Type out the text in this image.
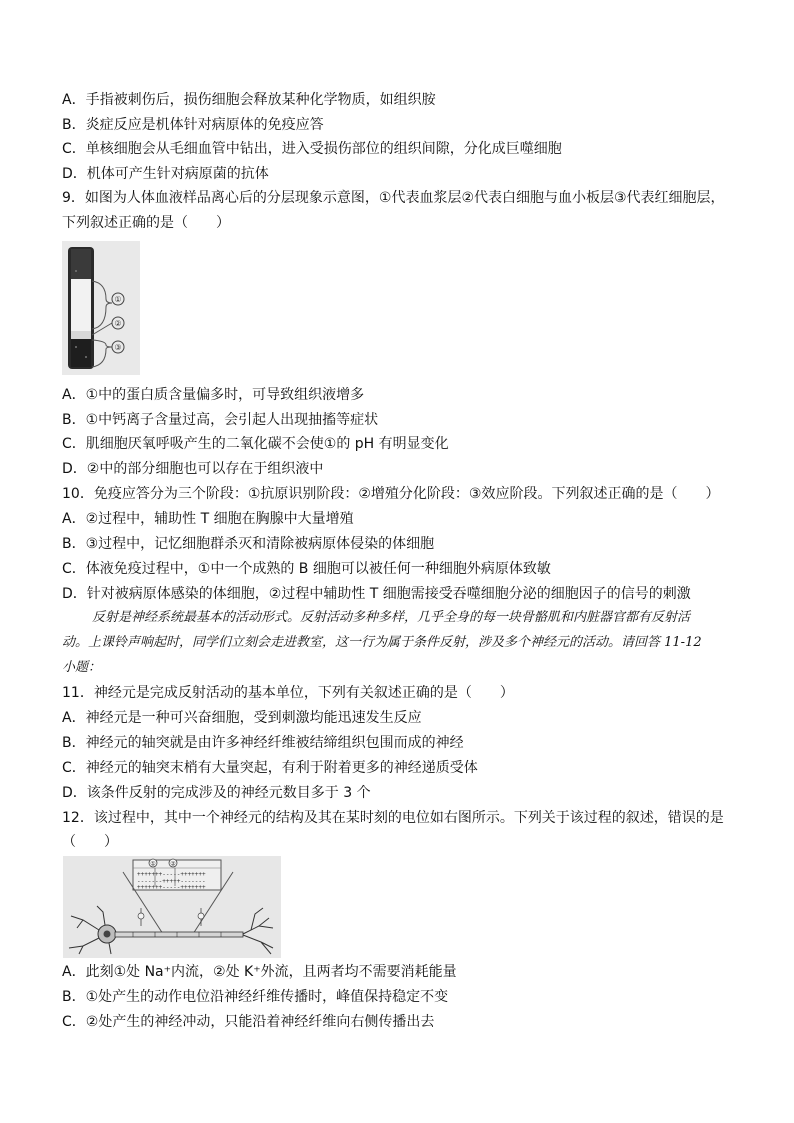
A．手指被刺伤后，损伤细胞会释放某种化学物质，如组织胺
B．炎症反应是机体针对病原体的免疫应答
C．单核细胞会从毛细血管中钻出，进入受损伤部位的组织间隙，分化成巨噬细胞
D．机体可产生针对病原菌的抗体
9．如图为人体血液样品离心后的分层现象示意图，①代表血浆层②代表白细胞与血小板层③代表红细胞层，
下列叙述正确的是（　　）
①
②
③
A．①中的蛋白质含量偏多时，可导致组织液增多
B．①中钙离子含量过高，会引起人出现抽搐等症状
C．肌细胞厌氧呼吸产生的二氧化碳不会使①的 pH 有明显变化
D．②中的部分细胞也可以存在于组织液中
10．免疫应答分为三个阶段：①抗原识别阶段：②增殖分化阶段：③效应阶段。下列叙述正确的是（　　）
A．②过程中，辅助性 T 细胞在胸腺中大量增殖
B．③过程中，记忆细胞群杀灭和清除被病原体侵染的体细胞
C．体液免疫过程中，①中一个成熟的 B 细胞可以被任何一种细胞外病原体致敏
D．针对被病原体感染的体细胞，②过程中辅助性 T 细胞需接受吞噬细胞分泌的细胞因子的信号的刺激
反射是神经系统最基本的活动形式。反射活动多种多样，几乎全身的每一块骨骼肌和内脏器官都有反射活
动。上课铃声响起时，同学们立刻会走进教室，这一行为属于条件反射，涉及多个神经元的活动。请回答 11-12
小题：
11．神经元是完成反射活动的基本单位，下列有关叙述正确的是（　　）
A．神经元是一种可兴奋细胞，受到刺激均能迅速发生反应
B．神经元的轴突就是由许多神经纤维被结缔组织包围而成的神经
C．神经元的轴突末梢有大量突起，有利于附着更多的神经递质受体
D．该条件反射的完成涉及的神经元数目多于 3 个
12．该过程中，其中一个神经元的结构及其在某时刻的电位如右图所示。下列关于该过程的叙述，错误的是
（　　）
+++++++-----+++++++
-------+++++-------
+++++++-----+++++++
① ②
A．此刻①处 Na⁺内流，②处 K⁺外流，且两者均不需要消耗能量
B．①处产生的动作电位沿神经纤维传播时，峰值保持稳定不变
C．②处产生的神经冲动，只能沿着神经纤维向右侧传播出去
